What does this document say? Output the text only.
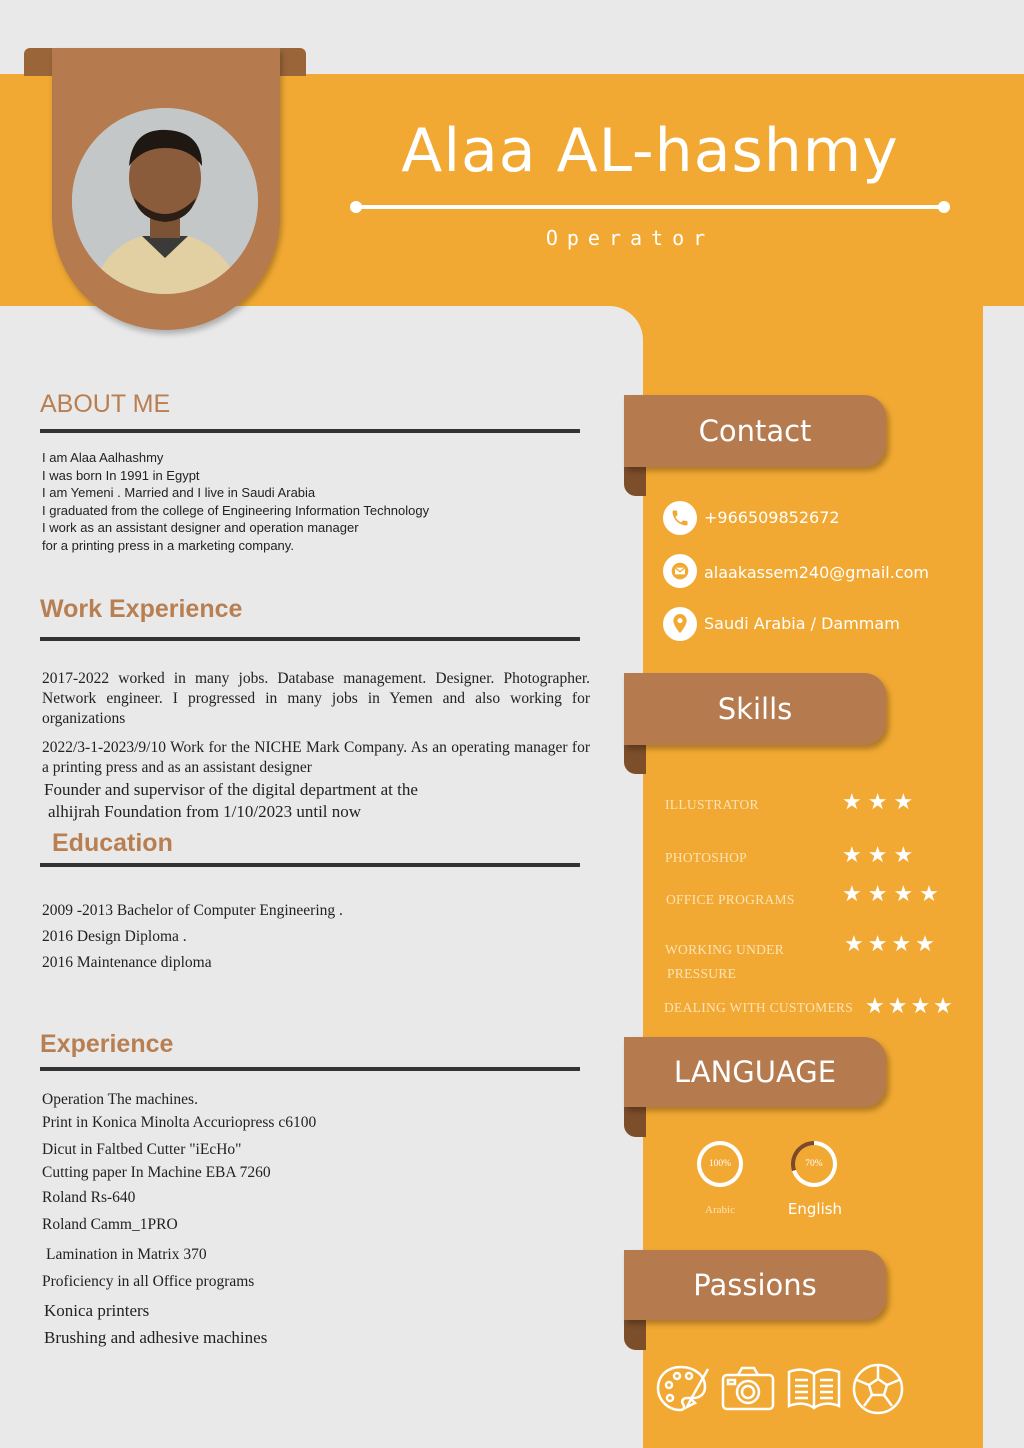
Alaa AL-hashmy
Operator
ABOUT ME
I am Alaa Aalhashmy
I was born In 1991 in Egypt
I am Yemeni . Married and I live in Saudi Arabia
I graduated from the college of Engineering Information Technology
I work as an assistant designer and operation manager
for a printing press in a marketing company.
Work Experience
2017-2022 worked in many jobs. Database management. Designer. Photographer. Network engineer. I progressed in many jobs in Yemen and also working for organizations
2022/3-1-2023/9/10 Work for the NICHE Mark Company. As an operating manager for a printing press and as an assistant designer
Founder and supervisor of the digital department at the
alhijrah Foundation from 1/10/2023 until now
Education
2009 -2013 Bachelor of Computer Engineering .
2016 Design Diploma .
2016 Maintenance diploma
Experience
Operation The machines.
Print in Konica Minolta Accuriopress c6100
Dicut in Faltbed Cutter "iEcHo"
Cutting paper In Machine EBA 7260
Roland Rs-640
Roland Camm_1PRO
Lamination in Matrix 370
Proficiency in all Office programs
Konica printers
Brushing and adhesive machines
Contact
+966509852672
alaakassem240@gmail.com
Saudi Arabia / Dammam
Skills
ILLUSTRATOR	★★★
PHOTOSHOP	★★★
OFFICE PROGRAMS ★★★★
WORKING UNDER
PRESSURE
★★★★
DEALING WITH CUSTOMERS ★★★★
LANGUAGE
100%
Arabic
70%
English
Passions
